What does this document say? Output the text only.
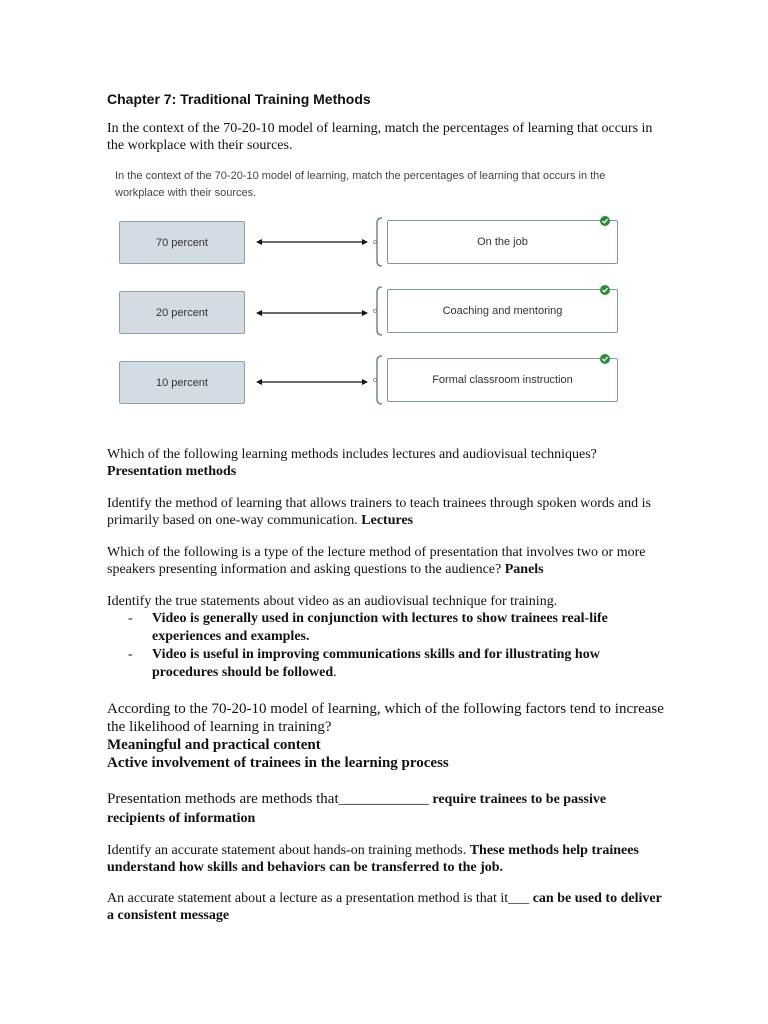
Chapter 7: Traditional Training Methods

In the context of the 70-20-10 model of learning, match the percentages of learning that occurs in the workplace with their sources.

In the context of the 70-20-10 model of learning, match the percentages of learning that occurs in the
workplace with their sources.
70 percent	On the job
20 percent	Coaching and mentoring
10 percent	Formal classroom instruction

Which of the following learning methods includes lectures and audiovisual techniques?
Presentation methods

Identify the method of learning that allows trainers to teach trainees through spoken words and is primarily based on one-way communication. Lectures

Which of the following is a type of the lecture method of presentation that involves two or more speakers presenting information and asking questions to the audience? Panels

Identify the true statements about video as an audiovisual technique for training.

- Video is generally used in conjunction with lectures to show trainees real-life experiences and examples.
- Video is useful in improving communications skills and for illustrating how procedures should be followed.

According to the 70-20-10 model of learning, which of the following factors tend to increase the likelihood of learning in training?

Meaningful and practical content

Active involvement of trainees in the learning process

Presentation methods are methods that____________ require trainees to be passive recipients of information

Identify an accurate statement about hands-on training methods. These methods help trainees understand how skills and behaviors can be transferred to the job.

An accurate statement about a lecture as a presentation method is that it___ can be used to deliver a consistent message
